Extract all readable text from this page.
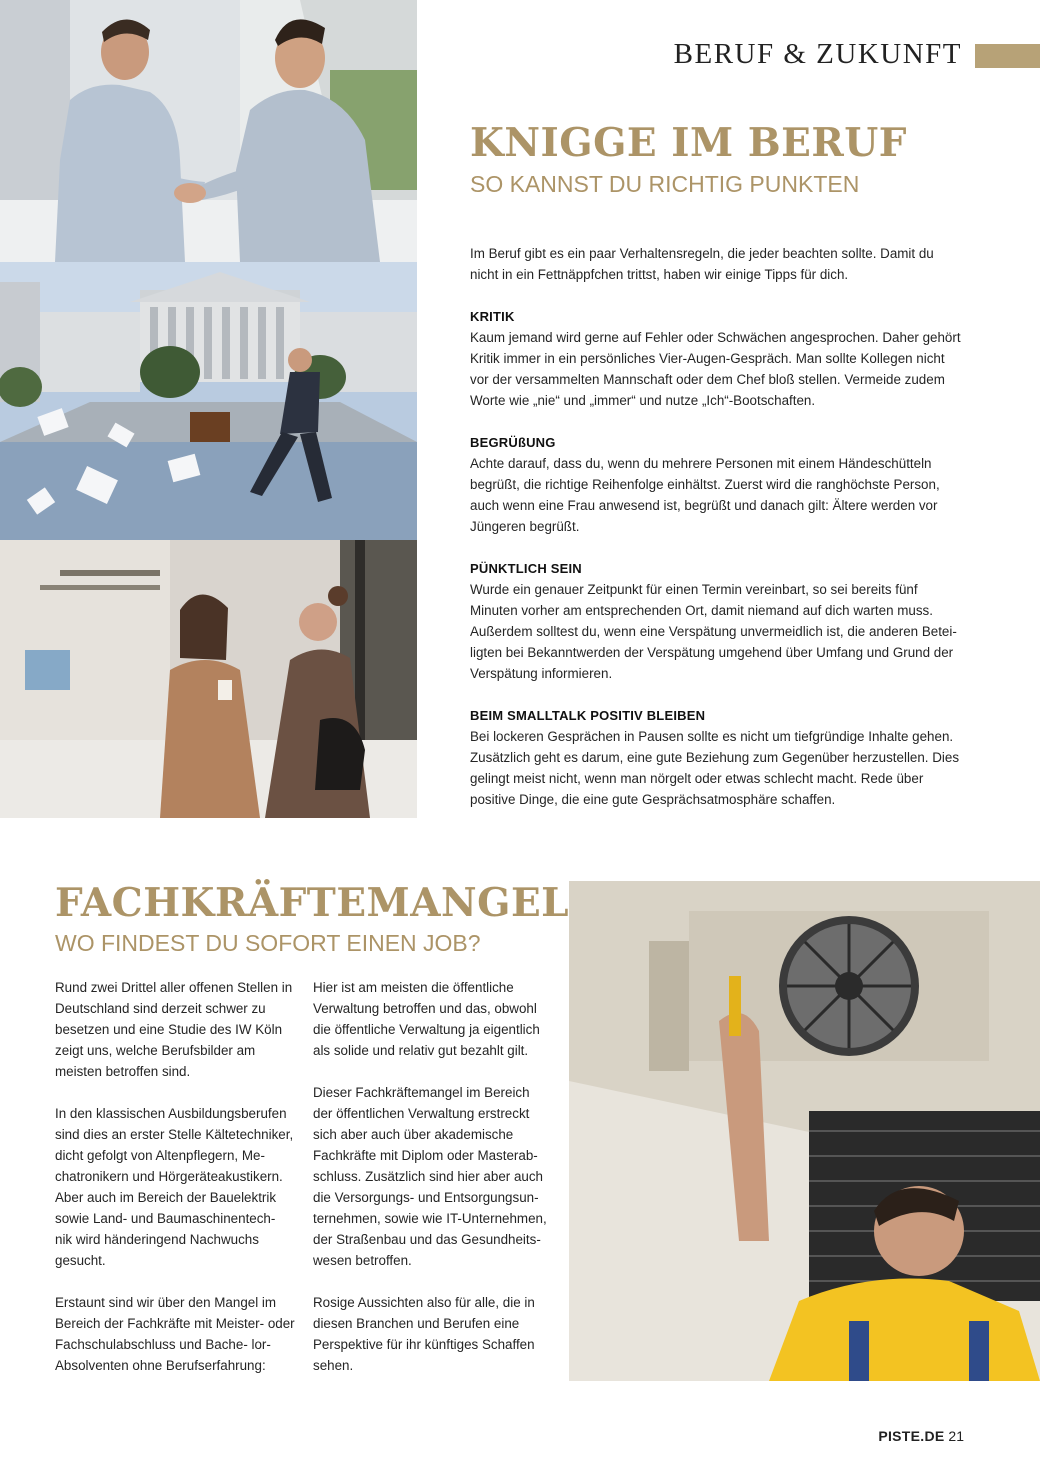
BERUF & ZUKUNFT
KNIGGE IM BERUF
SO KANNST DU RICHTIG PUNKTEN

Im Beruf gibt es ein paar Verhaltensregeln, die jeder beachten sollte. Damit du nicht in ein Fettnäppfchen trittst, haben wir einige Tipps für dich.

KRITIK

Kaum jemand wird gerne auf Fehler oder Schwächen angesprochen. Daher gehört Kritik immer in ein persönliches Vier-Augen-Gespräch. Man sollte Kollegen nicht vor der versammelten Mannschaft oder dem Chef bloß stellen. Vermeide zudem Worte wie „nie“ und „immer“ und nutze „Ich“-Bootschaften.

BEGRÜßUNG

Achte darauf, dass du, wenn du mehrere Personen mit einem Händeschütteln begrüßt, die richtige Reihenfolge einhältst. Zuerst wird die ranghöchste Person, auch wenn eine Frau anwesend ist, begrüßt und danach gilt: Ältere werden vor Jüngeren begrüßt.

PÜNKTLICH SEIN

Wurde ein genauer Zeitpunkt für einen Termin vereinbart, so sei bereits fünf Minuten vorher am entsprechenden Ort, damit niemand auf dich warten muss. Außerdem solltest du, wenn eine Verspätung unvermeidlich ist, die anderen Betei- ligten bei Bekanntwerden der Verspätung umgehend über Umfang und Grund der Verspätung informieren.

BEIM SMALLTALK POSITIV BLEIBEN

Bei lockeren Gesprächen in Pausen sollte es nicht um tiefgründige Inhalte gehen. Zusätzlich geht es darum, eine gute Beziehung zum Gegenüber herzustellen. Dies gelingt meist nicht, wenn man nörgelt oder etwas schlecht macht. Rede über positive Dinge, die eine gute Gesprächsatmosphäre schaffen.

FACHKRÄFTEMANGEL
WO FINDEST DU SOFORT EINEN JOB?

Rund zwei Drittel aller offenen Stellen in Deutschland sind derzeit schwer zu besetzen und eine Studie des IW Köln zeigt uns, welche Berufsbilder am meisten betroffen sind.

In den klassischen Ausbildungsberufen sind dies an erster Stelle Kältetechniker, dicht gefolgt von Altenpflegern, Me- chatronikern und Hörgeräteakustikern. Aber auch im Bereich der Bauelektrik sowie Land- und Baumaschinentech- nik wird händeringend Nachwuchs gesucht.

Erstaunt sind wir über den Mangel im Bereich der Fachkräfte mit Meister- oder Fachschulabschluss und Bache- lor-Absolventen ohne Berufserfahrung:

Hier ist am meisten die öffentliche Verwaltung betroffen und das, obwohl die öffentliche Verwaltung ja eigentlich als solide und relativ gut bezahlt gilt.

Dieser Fachkräftemangel im Bereich der öffentlichen Verwaltung erstreckt sich aber auch über akademische Fachkräfte mit Diplom oder Masterab- schluss. Zusätzlich sind hier aber auch die Versorgungs- und Entsorgungsun- ternehmen, sowie wie IT-Unternehmen, der Straßenbau und das Gesundheits- wesen betroffen.

Rosige Aussichten also für alle, die in diesen Branchen und Berufen eine Perspektive für ihr künftiges Schaffen sehen.

PISTE.DE 21
